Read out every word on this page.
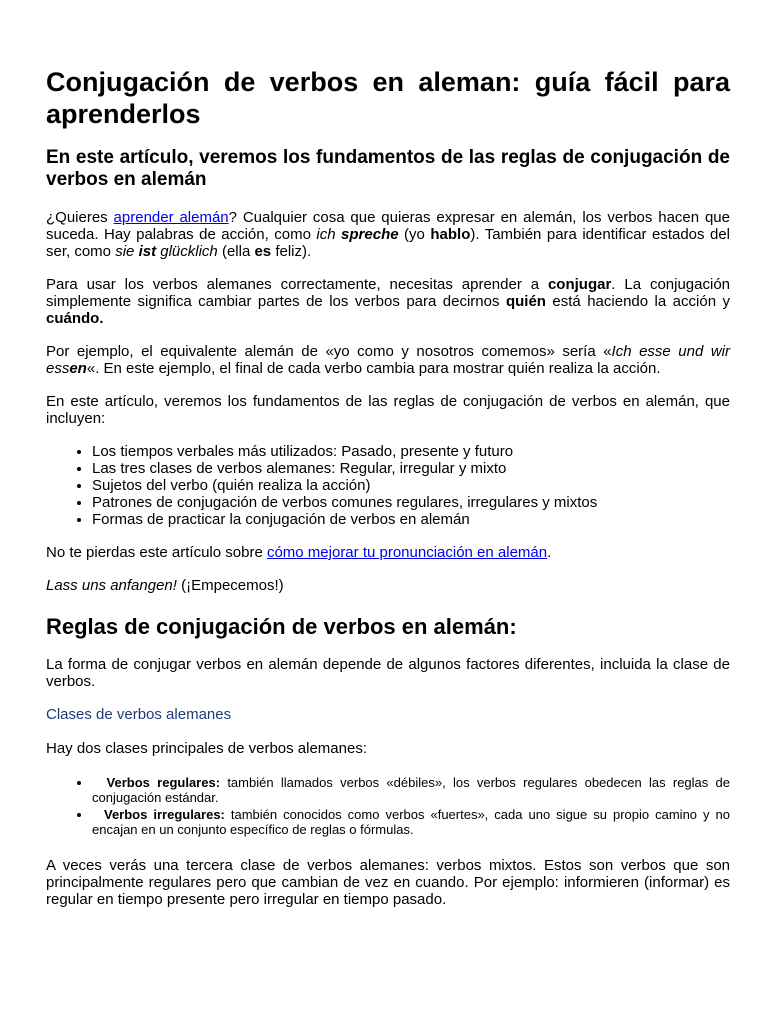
Conjugación de verbos en aleman: guía fácil para aprenderlos
En este artículo, veremos los fundamentos de las reglas de conjugación de verbos en alemán

¿Quieres aprender alemán? Cualquier cosa que quieras expresar en alemán, los verbos hacen que suceda. Hay palabras de acción, como ich spreche (yo hablo). También para identificar estados del ser, como sie ist glücklich (ella es feliz).

Para usar los verbos alemanes correctamente, necesitas aprender a conjugar. La conjugación simplemente significa cambiar partes de los verbos para decirnos quién está haciendo la acción y cuándo.

Por ejemplo, el equivalente alemán de «yo como y nosotros comemos» sería «Ich esse und wir essen«. En este ejemplo, el final de cada verbo cambia para mostrar quién realiza la acción.

En este artículo, veremos los fundamentos de las reglas de conjugación de verbos en alemán, que incluyen:

• Los tiempos verbales más utilizados: Pasado, presente y futuro
• Las tres clases de verbos alemanes: Regular, irregular y mixto
• Sujetos del verbo (quién realiza la acción)
• Patrones de conjugación de verbos comunes regulares, irregulares y mixtos
• Formas de practicar la conjugación de verbos en alemán

No te pierdas este artículo sobre cómo mejorar tu pronunciación en alemán.

Lass uns anfangen! (¡Empecemos!)

Reglas de conjugación de verbos en alemán:

La forma de conjugar verbos en alemán depende de algunos factores diferentes, incluida la clase de verbos.

Clases de verbos alemanes

Hay dos clases principales de verbos alemanes:

• Verbos regulares: también llamados verbos «débiles», los verbos regulares obedecen las reglas de conjugación estándar.
• Verbos irregulares: también conocidos como verbos «fuertes», cada uno sigue su propio camino y no encajan en un conjunto específico de reglas o fórmulas.

A veces verás una tercera clase de verbos alemanes: verbos mixtos. Estos son verbos que son principalmente regulares pero que cambian de vez en cuando. Por ejemplo: informieren (informar) es regular en tiempo presente pero irregular en tiempo pasado.
